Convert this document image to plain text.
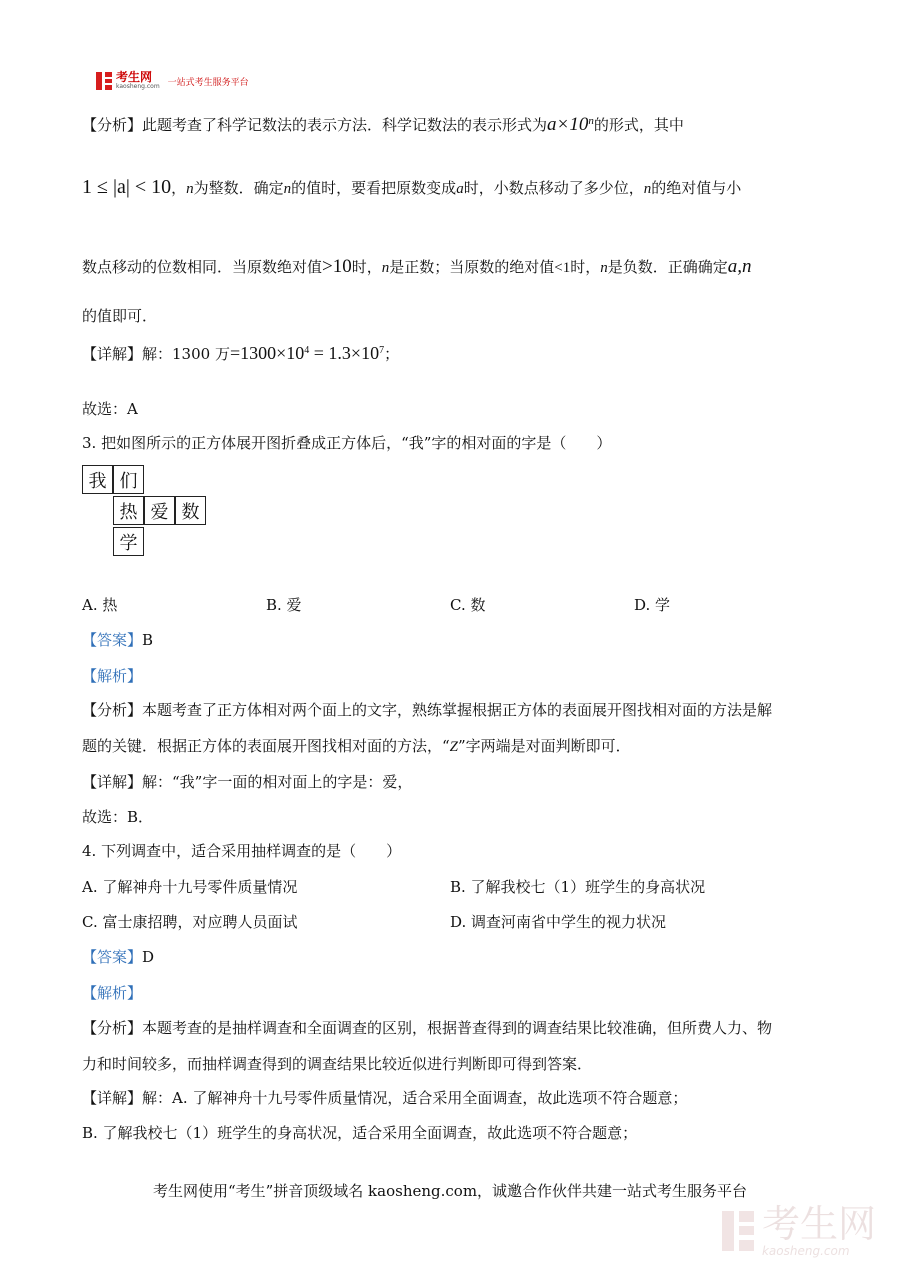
考生网
kaosheng.com 一站式考生服务平台
【分析】此题考查了科学记数法的表示方法．科学记数法的表示形式为$a\times 10^n$的形式，其中
1 ≤ |a| < 10，n为整数．确定n的值时，要看把原数变成a时，小数点移动了多少位，n的绝对值与小
数点移动的位数相同．当原数绝对值>10时，n是正数；当原数的绝对值<1时，n是负数．正确确定a,n
的值即可．
【详解】解：1300 万$=1300\times 10^4 = 1.3\times 10^7$；
故选：A
3. 把如图所示的正方体展开图折叠成正方体后，“我”字的相对面的字是（　　）
我 们
热 爱 数
学
A. 热	B. 爱	C. 数	D. 学
【答案】B
【解析】
【分析】本题考查了正方体相对两个面上的文字，熟练掌握根据正方体的表面展开图找相对面的方法是解
题的关键．根据正方体的表面展开图找相对面的方法，“Z”字两端是对面判断即可．
【详解】解：“我”字一面的相对面上的字是：爱，
故选：B．
4. 下列调查中，适合采用抽样调查的是（　　）
A. 了解神舟十九号零件质量情况	B. 了解我校七（1）班学生的身高状况
C. 富士康招聘，对应聘人员面试	D. 调查河南省中学生的视力状况
【答案】D
【解析】
【分析】本题考查的是抽样调查和全面调查的区别，根据普查得到的调查结果比较准确，但所费人力、物
力和时间较多，而抽样调查得到的调查结果比较近似进行判断即可得到答案．
【详解】解：A. 了解神舟十九号零件质量情况，适合采用全面调查，故此选项不符合题意；
B. 了解我校七（1）班学生的身高状况，适合采用全面调查，故此选项不符合题意；
考生网使用“考生”拼音顶级域名 kaosheng.com，诚邀合作伙伴共建一站式考生服务平台
考生网
kaosheng.com
